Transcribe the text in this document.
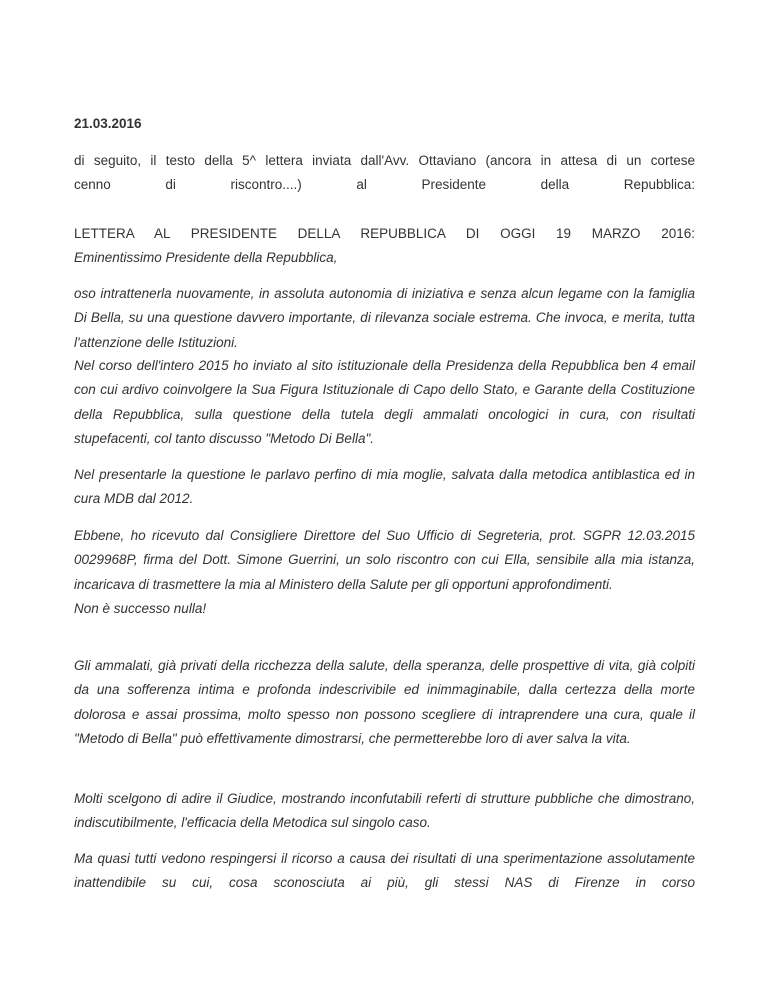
21.03.2016
di seguito, il testo della 5^ lettera inviata dall'Avv. Ottaviano (ancora in attesa di un cortese
cenno di riscontro....) al Presidente della Repubblica:
LETTERA AL PRESIDENTE DELLA REPUBBLICA DI OGGI 19 MARZO 2016:
Eminentissimo Presidente della Repubblica,
oso intrattenerla nuovamente, in assoluta autonomia di iniziativa e senza alcun legame con la famiglia Di Bella, su una questione davvero importante, di rilevanza sociale estrema. Che invoca, e merita, tutta l'attenzione delle Istituzioni.
Nel corso dell'intero 2015 ho inviato al sito istituzionale della Presidenza della Repubblica ben 4 email con cui ardivo coinvolgere la Sua Figura Istituzionale di Capo dello Stato, e Garante della Costituzione della Repubblica, sulla questione della tutela degli ammalati oncologici in cura, con risultati stupefacenti, col tanto discusso "Metodo Di Bella".
Nel presentarle la questione le parlavo perfino di mia moglie, salvata dalla metodica antiblastica ed in cura MDB dal 2012.
Ebbene, ho ricevuto dal Consigliere Direttore del Suo Ufficio di Segreteria, prot. SGPR 12.03.2015 0029968P, firma del Dott. Simone Guerrini, un solo riscontro con cui Ella, sensibile alla mia istanza, incaricava di trasmettere la mia al Ministero della Salute per gli opportuni approfondimenti.
Non è successo nulla!
Gli ammalati, già privati della ricchezza della salute, della speranza, delle prospettive di vita, già colpiti da una sofferenza intima e profonda indescrivibile ed inimmaginabile, dalla certezza della morte dolorosa e assai prossima, molto spesso non possono scegliere di intraprendere una cura, quale il "Metodo di Bella" può effettivamente dimostrarsi, che permetterebbe loro di aver salva la vita.
Molti scelgono di adire il Giudice, mostrando inconfutabili referti di strutture pubbliche che dimostrano, indiscutibilmente, l'efficacia della Metodica sul singolo caso.
Ma quasi tutti vedono respingersi il ricorso a causa dei risultati di una sperimentazione assolutamente inattendibile su cui, cosa sconosciuta ai più, gli stessi NAS di Firenze in corso
